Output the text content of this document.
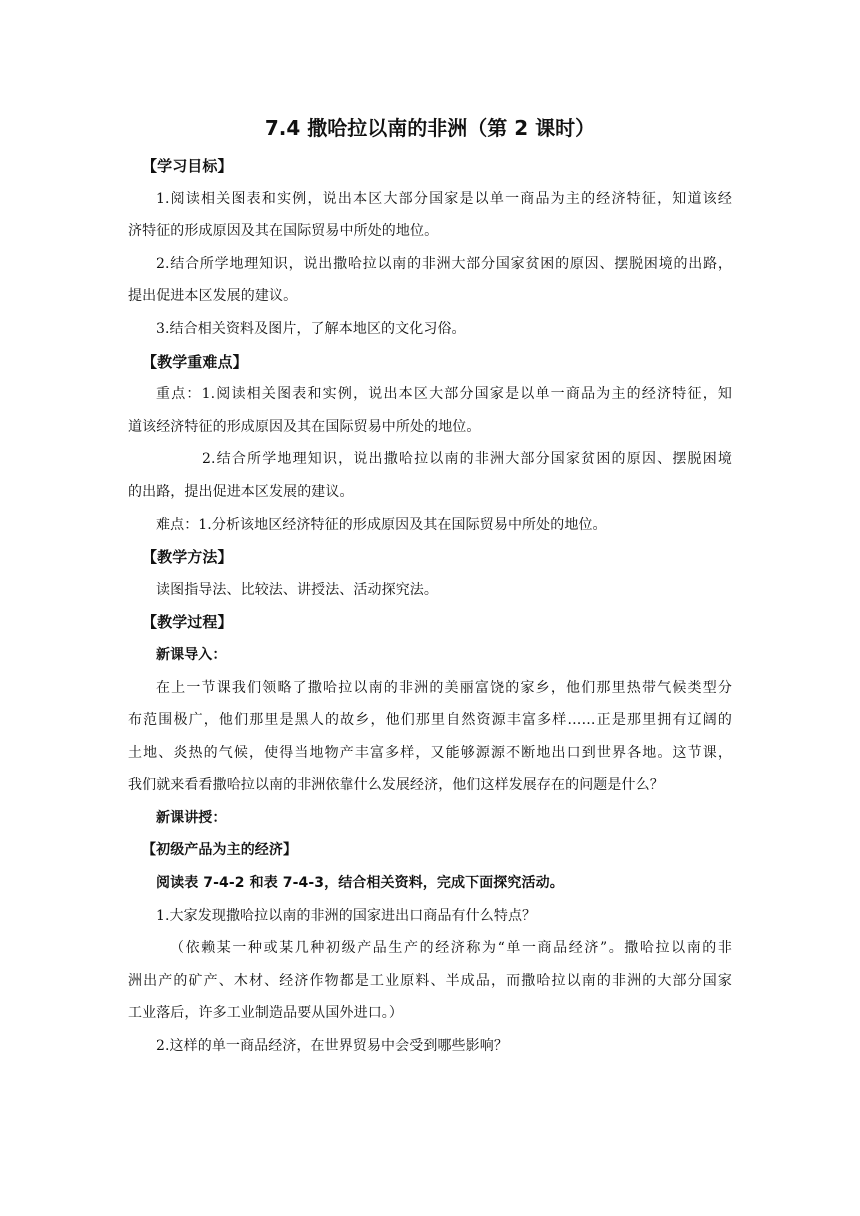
7.4 撒哈拉以南的非洲（第 2 课时）
【学习目标】
1.阅读相关图表和实例，说出本区大部分国家是以单一商品为主的经济特征，知道该经
济特征的形成原因及其在国际贸易中所处的地位。
2.结合所学地理知识，说出撒哈拉以南的非洲大部分国家贫困的原因、摆脱困境的出路，
提出促进本区发展的建议。
3.结合相关资料及图片，了解本地区的文化习俗。
【教学重难点】
重点：1.阅读相关图表和实例，说出本区大部分国家是以单一商品为主的经济特征，知
道该经济特征的形成原因及其在国际贸易中所处的地位。
2.结合所学地理知识，说出撒哈拉以南的非洲大部分国家贫困的原因、摆脱困境
的出路，提出促进本区发展的建议。
难点：1.分析该地区经济特征的形成原因及其在国际贸易中所处的地位。
【教学方法】
读图指导法、比较法、讲授法、活动探究法。
【教学过程】
新课导入：
在上一节课我们领略了撒哈拉以南的非洲的美丽富饶的家乡，他们那里热带气候类型分
布范围极广，他们那里是黑人的故乡，他们那里自然资源丰富多样……正是那里拥有辽阔的
土地、炎热的气候，使得当地物产丰富多样，又能够源源不断地出口到世界各地。这节课，
我们就来看看撒哈拉以南的非洲依靠什么发展经济，他们这样发展存在的问题是什么？
新课讲授：
【初级产品为主的经济】
阅读表 7-4-2 和表 7-4-3，结合相关资料，完成下面探究活动。
1.大家发现撒哈拉以南的非洲的国家进出口商品有什么特点？
（依赖某一种或某几种初级产品生产的经济称为“单一商品经济”。撒哈拉以南的非
洲出产的矿产、木材、经济作物都是工业原料、半成品，而撒哈拉以南的非洲的大部分国家
工业落后，许多工业制造品要从国外进口。）
2.这样的单一商品经济，在世界贸易中会受到哪些影响？
